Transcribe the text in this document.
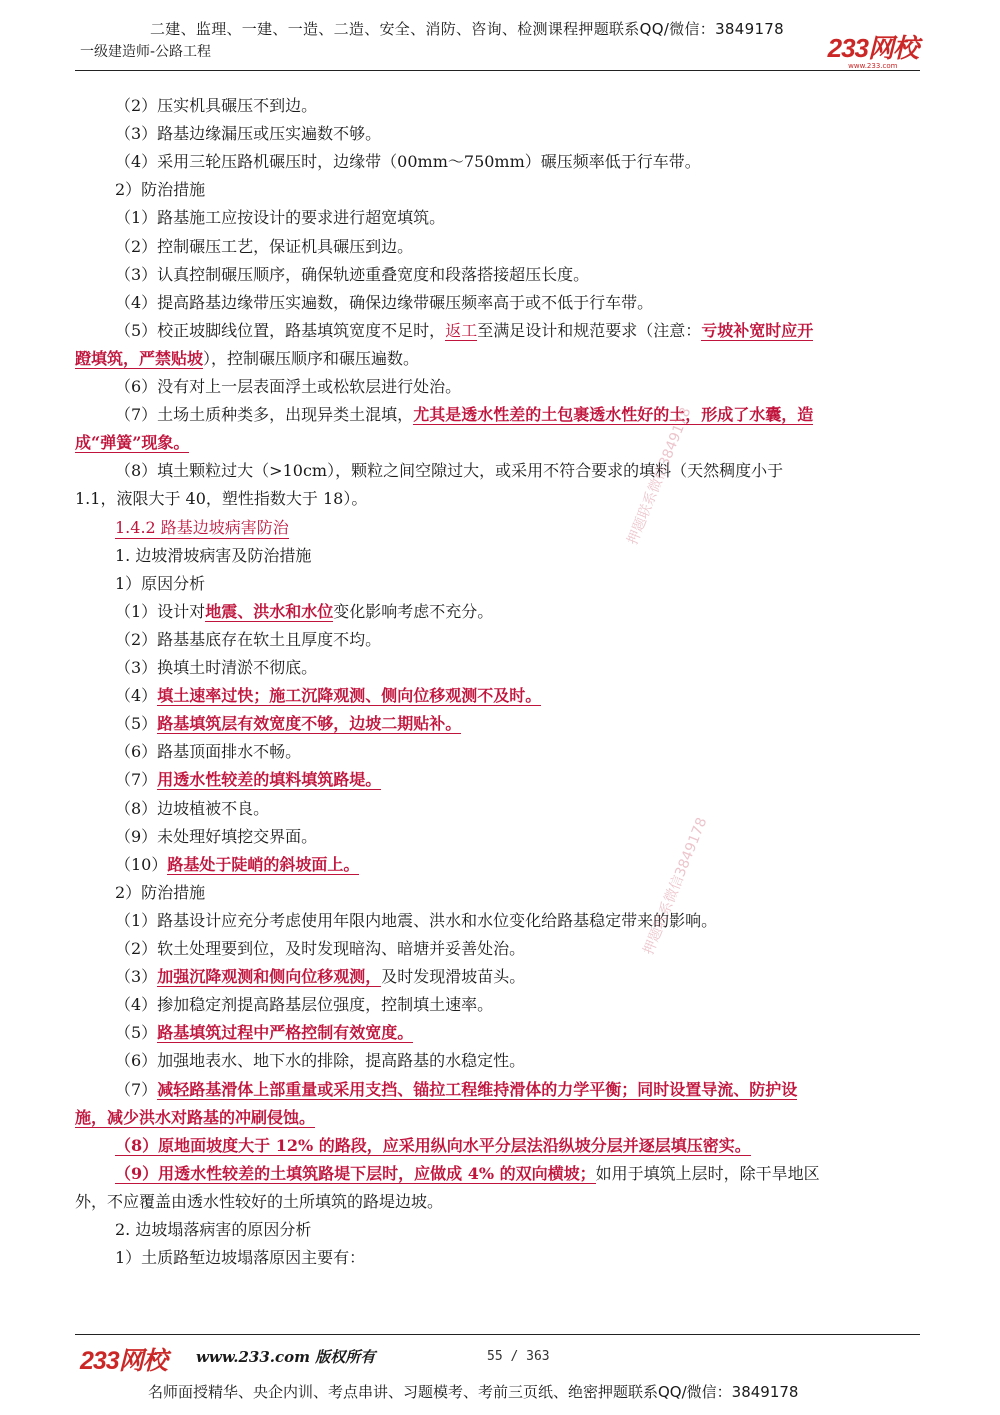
二建、监理、一建、一造、二造、安全、消防、咨询、检测课程押题联系QQ/微信：3849178
一级建造师-公路工程	233网校
www.233.com
（2）压实机具碾压不到边。
（3）路基边缘漏压或压实遍数不够。
（4）采用三轮压路机碾压时，边缘带（00mm～750mm）碾压频率低于行车带。
2）防治措施
（1）路基施工应按设计的要求进行超宽填筑。
（2）控制碾压工艺，保证机具碾压到边。
（3）认真控制碾压顺序，确保轨迹重叠宽度和段落搭接超压长度。
（4）提高路基边缘带压实遍数，确保边缘带碾压频率高于或不低于行车带。
（5）校正坡脚线位置，路基填筑宽度不足时，返工至满足设计和规范要求（注意：亏坡补宽时应开
蹬填筑，严禁贴坡），控制碾压顺序和碾压遍数。
（6）没有对上一层表面浮土或松软层进行处治。
（7）土场土质种类多，出现异类土混填，尤其是透水性差的土包裹透水性好的土，形成了水囊，造
成“弹簧”现象。
（8）填土颗粒过大（>10cm），颗粒之间空隙过大，或采用不符合要求的填料（天然稠度小于
1.1，液限大于 40，塑性指数大于 18）。
1.4.2 路基边坡病害防治
1. 边坡滑坡病害及防治措施
1）原因分析
（1）设计对地震、洪水和水位变化影响考虑不充分。
（2）路基基底存在软土且厚度不均。
（3）换填土时清淤不彻底。
（4）填土速率过快；施工沉降观测、侧向位移观测不及时。
（5）路基填筑层有效宽度不够，边坡二期贴补。
（6）路基顶面排水不畅。
（7）用透水性较差的填料填筑路堤。
（8）边坡植被不良。
（9）未处理好填挖交界面。
（10）路基处于陡峭的斜坡面上。
2）防治措施
（1）路基设计应充分考虑使用年限内地震、洪水和水位变化给路基稳定带来的影响。
（2）软土处理要到位，及时发现暗沟、暗塘并妥善处治。
（3）加强沉降观测和侧向位移观测，及时发现滑坡苗头。
（4）掺加稳定剂提高路基层位强度，控制填土速率。
（5）路基填筑过程中严格控制有效宽度。
（6）加强地表水、地下水的排除，提高路基的水稳定性。
（7）减轻路基滑体上部重量或采用支挡、锚拉工程维持滑体的力学平衡；同时设置导流、防护设
施，减少洪水对路基的冲刷侵蚀。
（8）原地面坡度大于 12% 的路段，应采用纵向水平分层法沿纵坡分层并逐层填压密实。
（9）用透水性较差的土填筑路堤下层时，应做成 4% 的双向横坡；如用于填筑上层时，除干旱地区
外，不应覆盖由透水性较好的土所填筑的路堤边坡。
2. 边坡塌落病害的原因分析
1）土质路堑边坡塌落原因主要有：
押题联系微信3849178
押题联系微信3849178
233网校 www.233.com 版权所有	55 / 363
名师面授精华、央企内训、考点串讲、习题模考、考前三页纸、绝密押题联系QQ/微信：3849178
